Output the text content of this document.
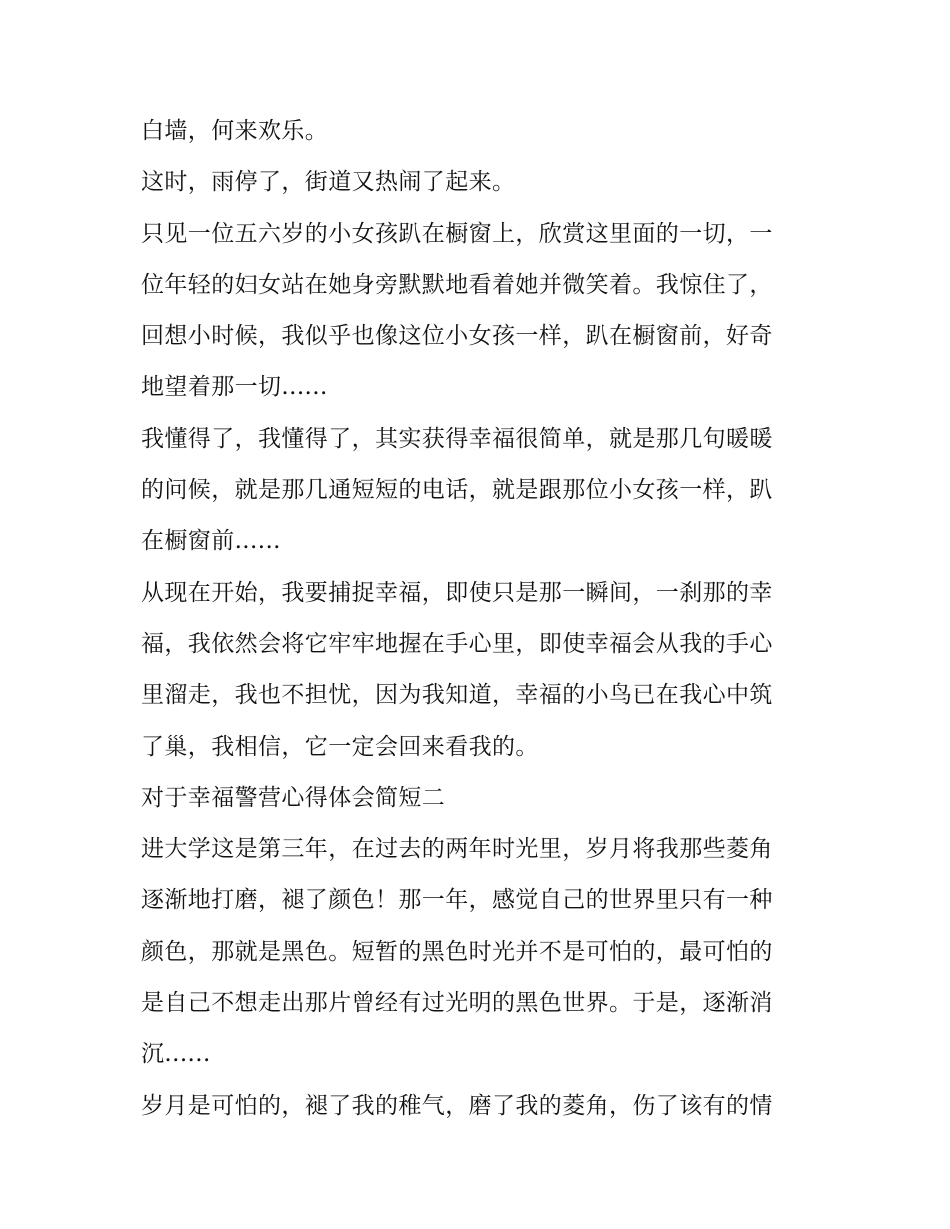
白墙，何来欢乐。
这时，雨停了，街道又热闹了起来。
只见一位五六岁的小女孩趴在橱窗上，欣赏这里面的一切，一
位年轻的妇女站在她身旁默默地看着她并微笑着。我惊住了，
回想小时候，我似乎也像这位小女孩一样，趴在橱窗前，好奇
地望着那一切......
我懂得了，我懂得了，其实获得幸福很简单，就是那几句暖暖
的问候，就是那几通短短的电话，就是跟那位小女孩一样，趴
在橱窗前......
从现在开始，我要捕捉幸福，即使只是那一瞬间，一刹那的幸
福，我依然会将它牢牢地握在手心里，即使幸福会从我的手心
里溜走，我也不担忧，因为我知道，幸福的小鸟已在我心中筑
了巢，我相信，它一定会回来看我的。
对于幸福警营心得体会简短二
进大学这是第三年，在过去的两年时光里，岁月将我那些菱角
逐渐地打磨，褪了颜色！那一年，感觉自己的世界里只有一种
颜色，那就是黑色。短暂的黑色时光并不是可怕的，最可怕的
是自己不想走出那片曾经有过光明的黑色世界。于是，逐渐消
沉......
岁月是可怕的，褪了我的稚气，磨了我的菱角，伤了该有的情
